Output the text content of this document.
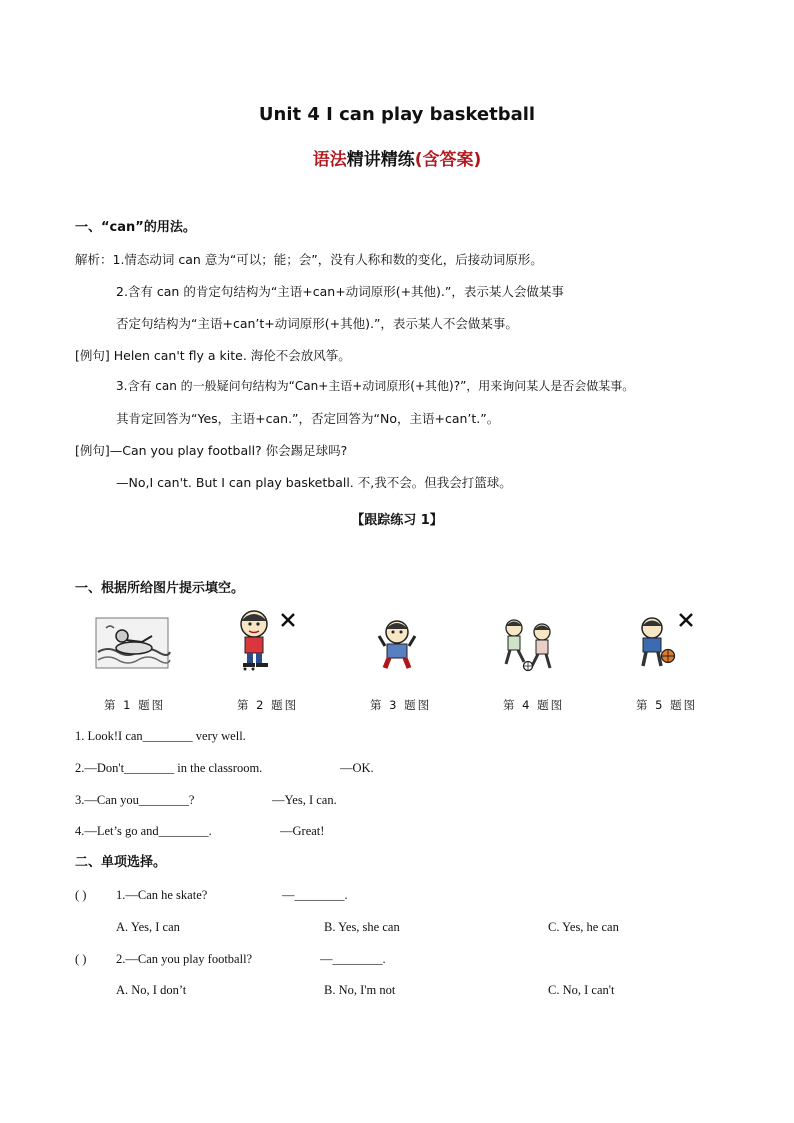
Unit 4 I can play basketball
语法精讲精练(含答案)
一、“can”的用法。
解析：1.情态动词 can 意为“可以；能；会”，没有人称和数的变化，后接动词原形。
2.含有 can 的肯定句结构为“主语+can+动词原形(+其他).”，表示某人会做某事
否定句结构为“主语+can’t+动词原形(+其他).”，表示某人不会做某事。
[例句] Helen can't fly a kite. 海伦不会放风筝。
3.含有 can 的一般疑问句结构为“Can+主语+动词原形(+其他)?”，用来询问某人是否会做某事。
其肯定回答为“Yes，主语+can.”，否定回答为“No，主语+can’t.”。
[例句]—Can you play football? 你会踢足球吗?
—No,I can't. But I can play basketball. 不,我不会。但我会打篮球。
【跟踪练习 1】
一、根据所给图片提示填空。
第 1 题图	第 2 题图	第 3 题图	第 4 题图	第 5 题图
1. Look!I can________ very well.
2.—Don't________ in the classroom.	—OK.
3.—Can you________?	—Yes, I can.
4.—Let’s go and________.	—Great!
二、单项选择。
( ) 1.—Can he skate?	—________.
A. Yes, I can	B. Yes, she can	C. Yes, he can
( ) 2.—Can you play football?	—________.
A. No, I don’t	B. No, I'm not	C. No, I can't
